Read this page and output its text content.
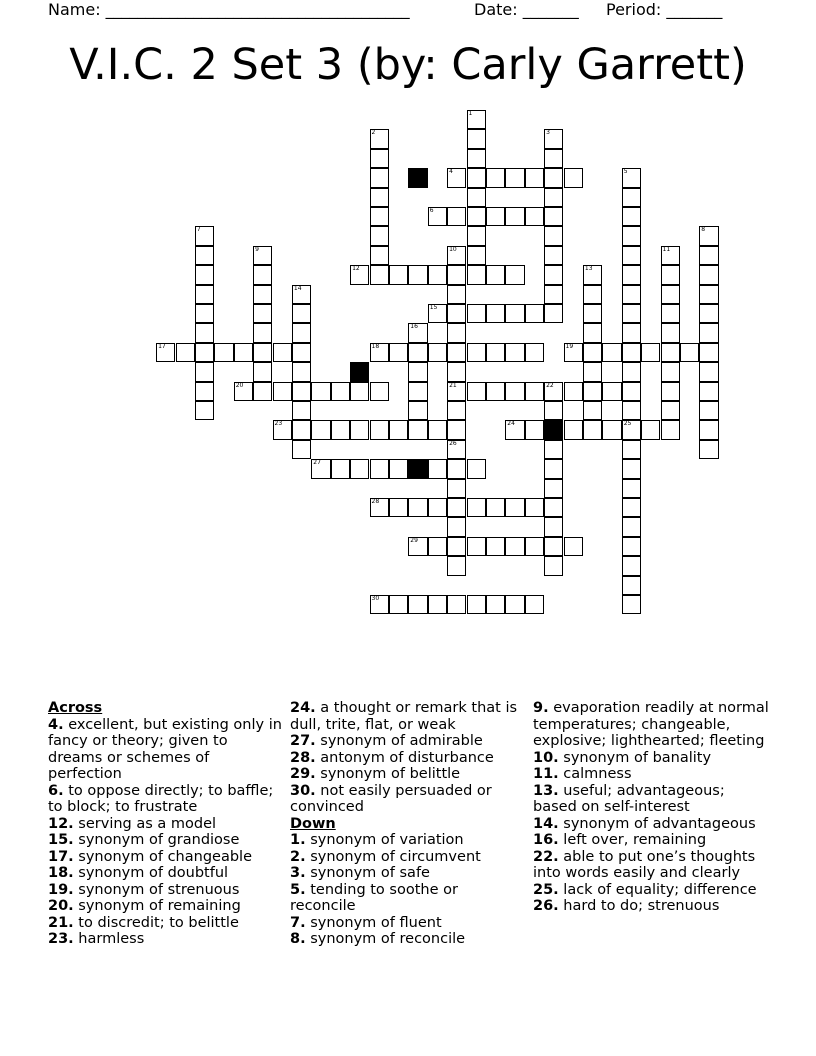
Name: ______________________________________	Date: _______ Period: _______
V.I.C. 2 Set 3 (by: Carly Garrett)
1
2	3
4	5
25
6
7	8
9	10
21
26
11
12	13
14
15
16
17	18	19
20	22
23	24
27
28
29
30

Across

4. excellent, but existing only in fancy or theory; given to dreams or schemes of perfection

6. to oppose directly; to baffle; to block; to frustrate

12. serving as a model

15. synonym of grandiose

17. synonym of changeable

18. synonym of doubtful

19. synonym of strenuous

20. synonym of remaining

21. to discredit; to belittle

23. harmless

24. a thought or remark that is dull, trite, flat, or weak

27. synonym of admirable

28. antonym of disturbance

29. synonym of belittle

30. not easily persuaded or convinced

Down

1. synonym of variation

2. synonym of circumvent

3. synonym of safe

5. tending to soothe or reconcile

7. synonym of fluent

8. synonym of reconcile

9. evaporation readily at normal temperatures; changeable, explosive; lighthearted; fleeting

10. synonym of banality

11. calmness

13. useful; advantageous; based on self-interest

14. synonym of advantageous

16. left over, remaining

22. able to put one’s thoughts into words easily and clearly

25. lack of equality; difference

26. hard to do; strenuous
